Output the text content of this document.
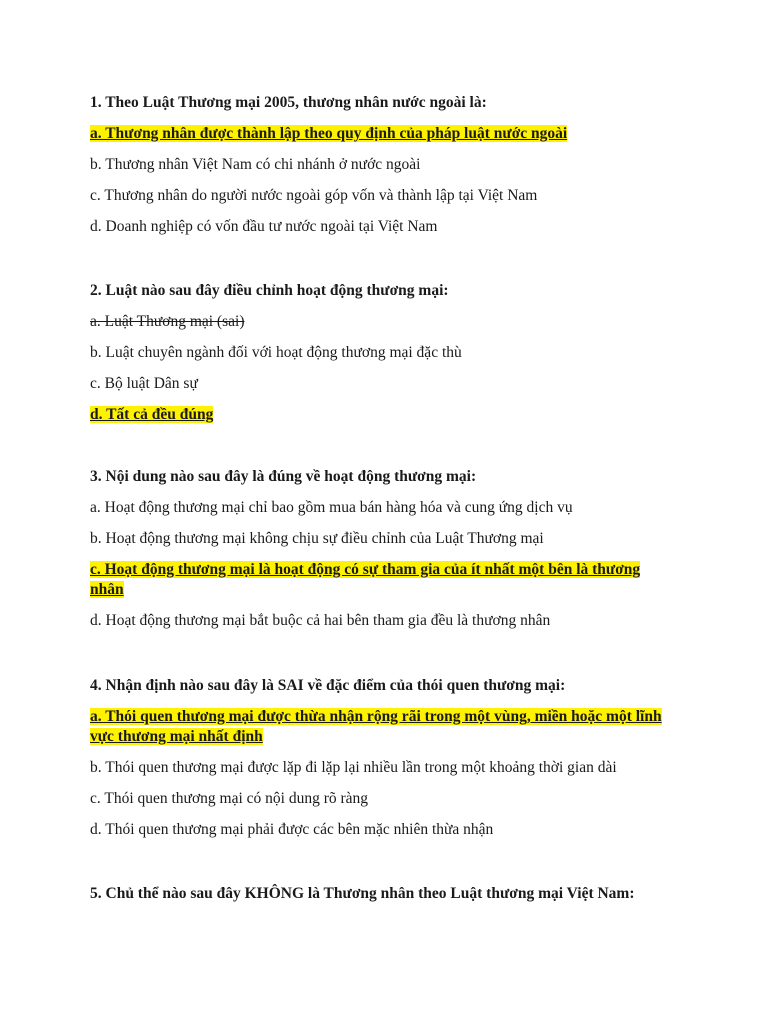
1. Theo Luật Thương mại 2005, thương nhân nước ngoài là:
a. Thương nhân được thành lập theo quy định của pháp luật nước ngoài
b. Thương nhân Việt Nam có chi nhánh ở nước ngoài
c. Thương nhân do người nước ngoài góp vốn và thành lập tại Việt Nam
d. Doanh nghiệp có vốn đầu tư nước ngoài tại Việt Nam
2. Luật nào sau đây điều chỉnh hoạt động thương mại:
a. Luật Thương mại (sai)
b. Luật chuyên ngành đối với hoạt động thương mại đặc thù
c. Bộ luật Dân sự
d. Tất cả đều đúng
3. Nội dung nào sau đây là đúng về hoạt động thương mại:
a. Hoạt động thương mại chỉ bao gồm mua bán hàng hóa và cung ứng dịch vụ
b. Hoạt động thương mại không chịu sự điều chỉnh của Luật Thương mại
c. Hoạt động thương mại là hoạt động có sự tham gia của ít nhất một bên là thương nhân
d. Hoạt động thương mại bắt buộc cả hai bên tham gia đều là thương nhân
4. Nhận định nào sau đây là SAI về đặc điểm của thói quen thương mại:
a. Thói quen thương mại được thừa nhận rộng rãi trong một vùng, miền hoặc một lĩnh vực thương mại nhất định
b. Thói quen thương mại được lặp đi lặp lại nhiều lần trong một khoảng thời gian dài
c. Thói quen thương mại có nội dung rõ ràng
d. Thói quen thương mại phải được các bên mặc nhiên thừa nhận
5. Chủ thể nào sau đây KHÔNG là Thương nhân theo Luật thương mại Việt Nam:
